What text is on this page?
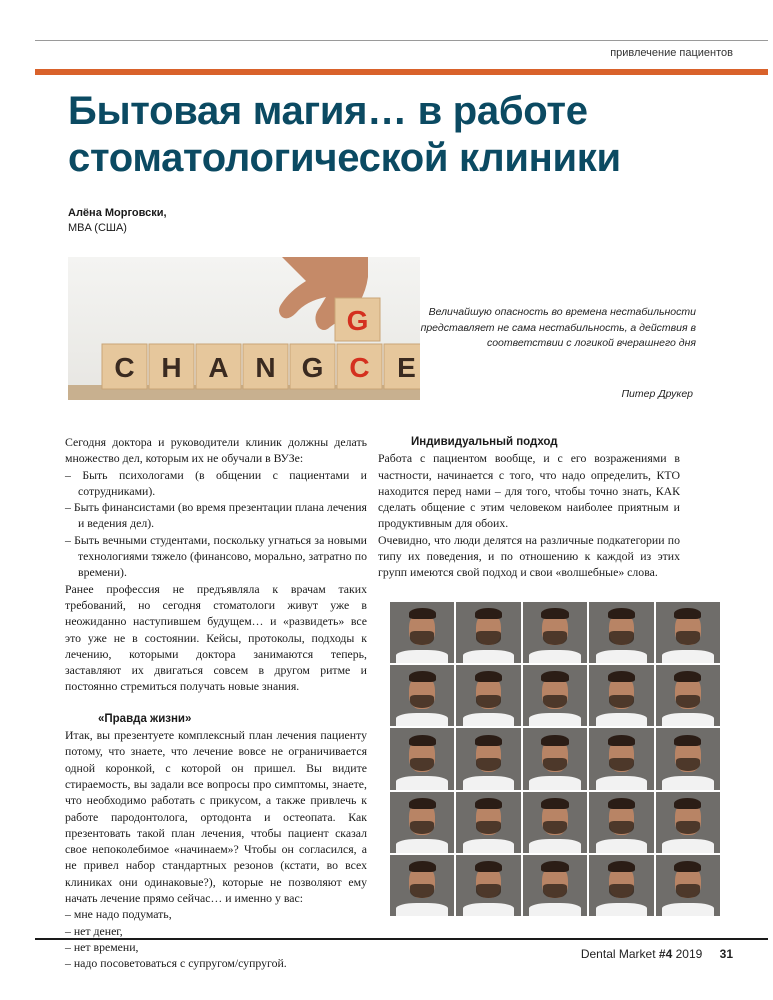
привлечение пациентов
Бытовая магия… в работе стоматологической клиники
Алёна Морговски,
MBA (США)
C H A N G C
G
E
Величайшую опасность во времена нестабильности представляет не сама нестабильность, а действия в соответствии с логикой вчерашнего дня
Питер Друкер

Сегодня доктора и руководители клиник должны делать множество дел, которым их не обучали в ВУЗе:

– Быть психологами (в общении с пациентами и сотрудниками).
– Быть финансистами (во время презентации плана лечения и ведения дел).
– Быть вечными студентами, поскольку угнаться за новыми технологиями тяжело (финансово, морально, затратно по времени).

Ранее профессия не предъявляла к врачам таких требований, но сегодня стоматологи живут уже в неожиданно наступившем будущем… и «развидеть» все это уже не в состоянии. Кейсы, протоколы, подходы к лечению, которыми доктора занимаются теперь, заставляют их двигаться совсем в другом ритме и постоянно стремиться получать новые знания.

«Правда жизни»

Итак, вы презентуете комплексный план лечения пациенту потому, что знаете, что лечение вовсе не ограничивается одной коронкой, с которой он пришел. Вы видите стираемость, вы задали все вопросы про симптомы, знаете, что необходимо работать с прикусом, а также привлечь к работе пародонтолога, ортодонта и остеопата. Как презентовать такой план лечения, чтобы пациент сказал свое непоколебимое «начинаем»? Чтобы он согласился, а не привел набор стандартных резонов (кстати, во всех клиниках они одинаковые?), которые не позволяют ему начать лечение прямо сейчас… и именно у вас:

– мне надо подумать,
– нет денег,
– нет времени,
– надо посоветоваться с супругом/супругой.

Индивидуальный подход

Работа с пациентом вообще, и с его возражениями в частности, начинается с того, что надо определить, КТО находится перед нами – для того, чтобы точно знать, КАК сделать общение с этим человеком наиболее приятным и продуктивным для обоих.

Очевидно, что люди делятся на различные подкатегории по типу их поведения, и по отношению к каждой из этих групп имеются свой подход и свои «волшебные» слова.

Dental Market #4 2019 31
